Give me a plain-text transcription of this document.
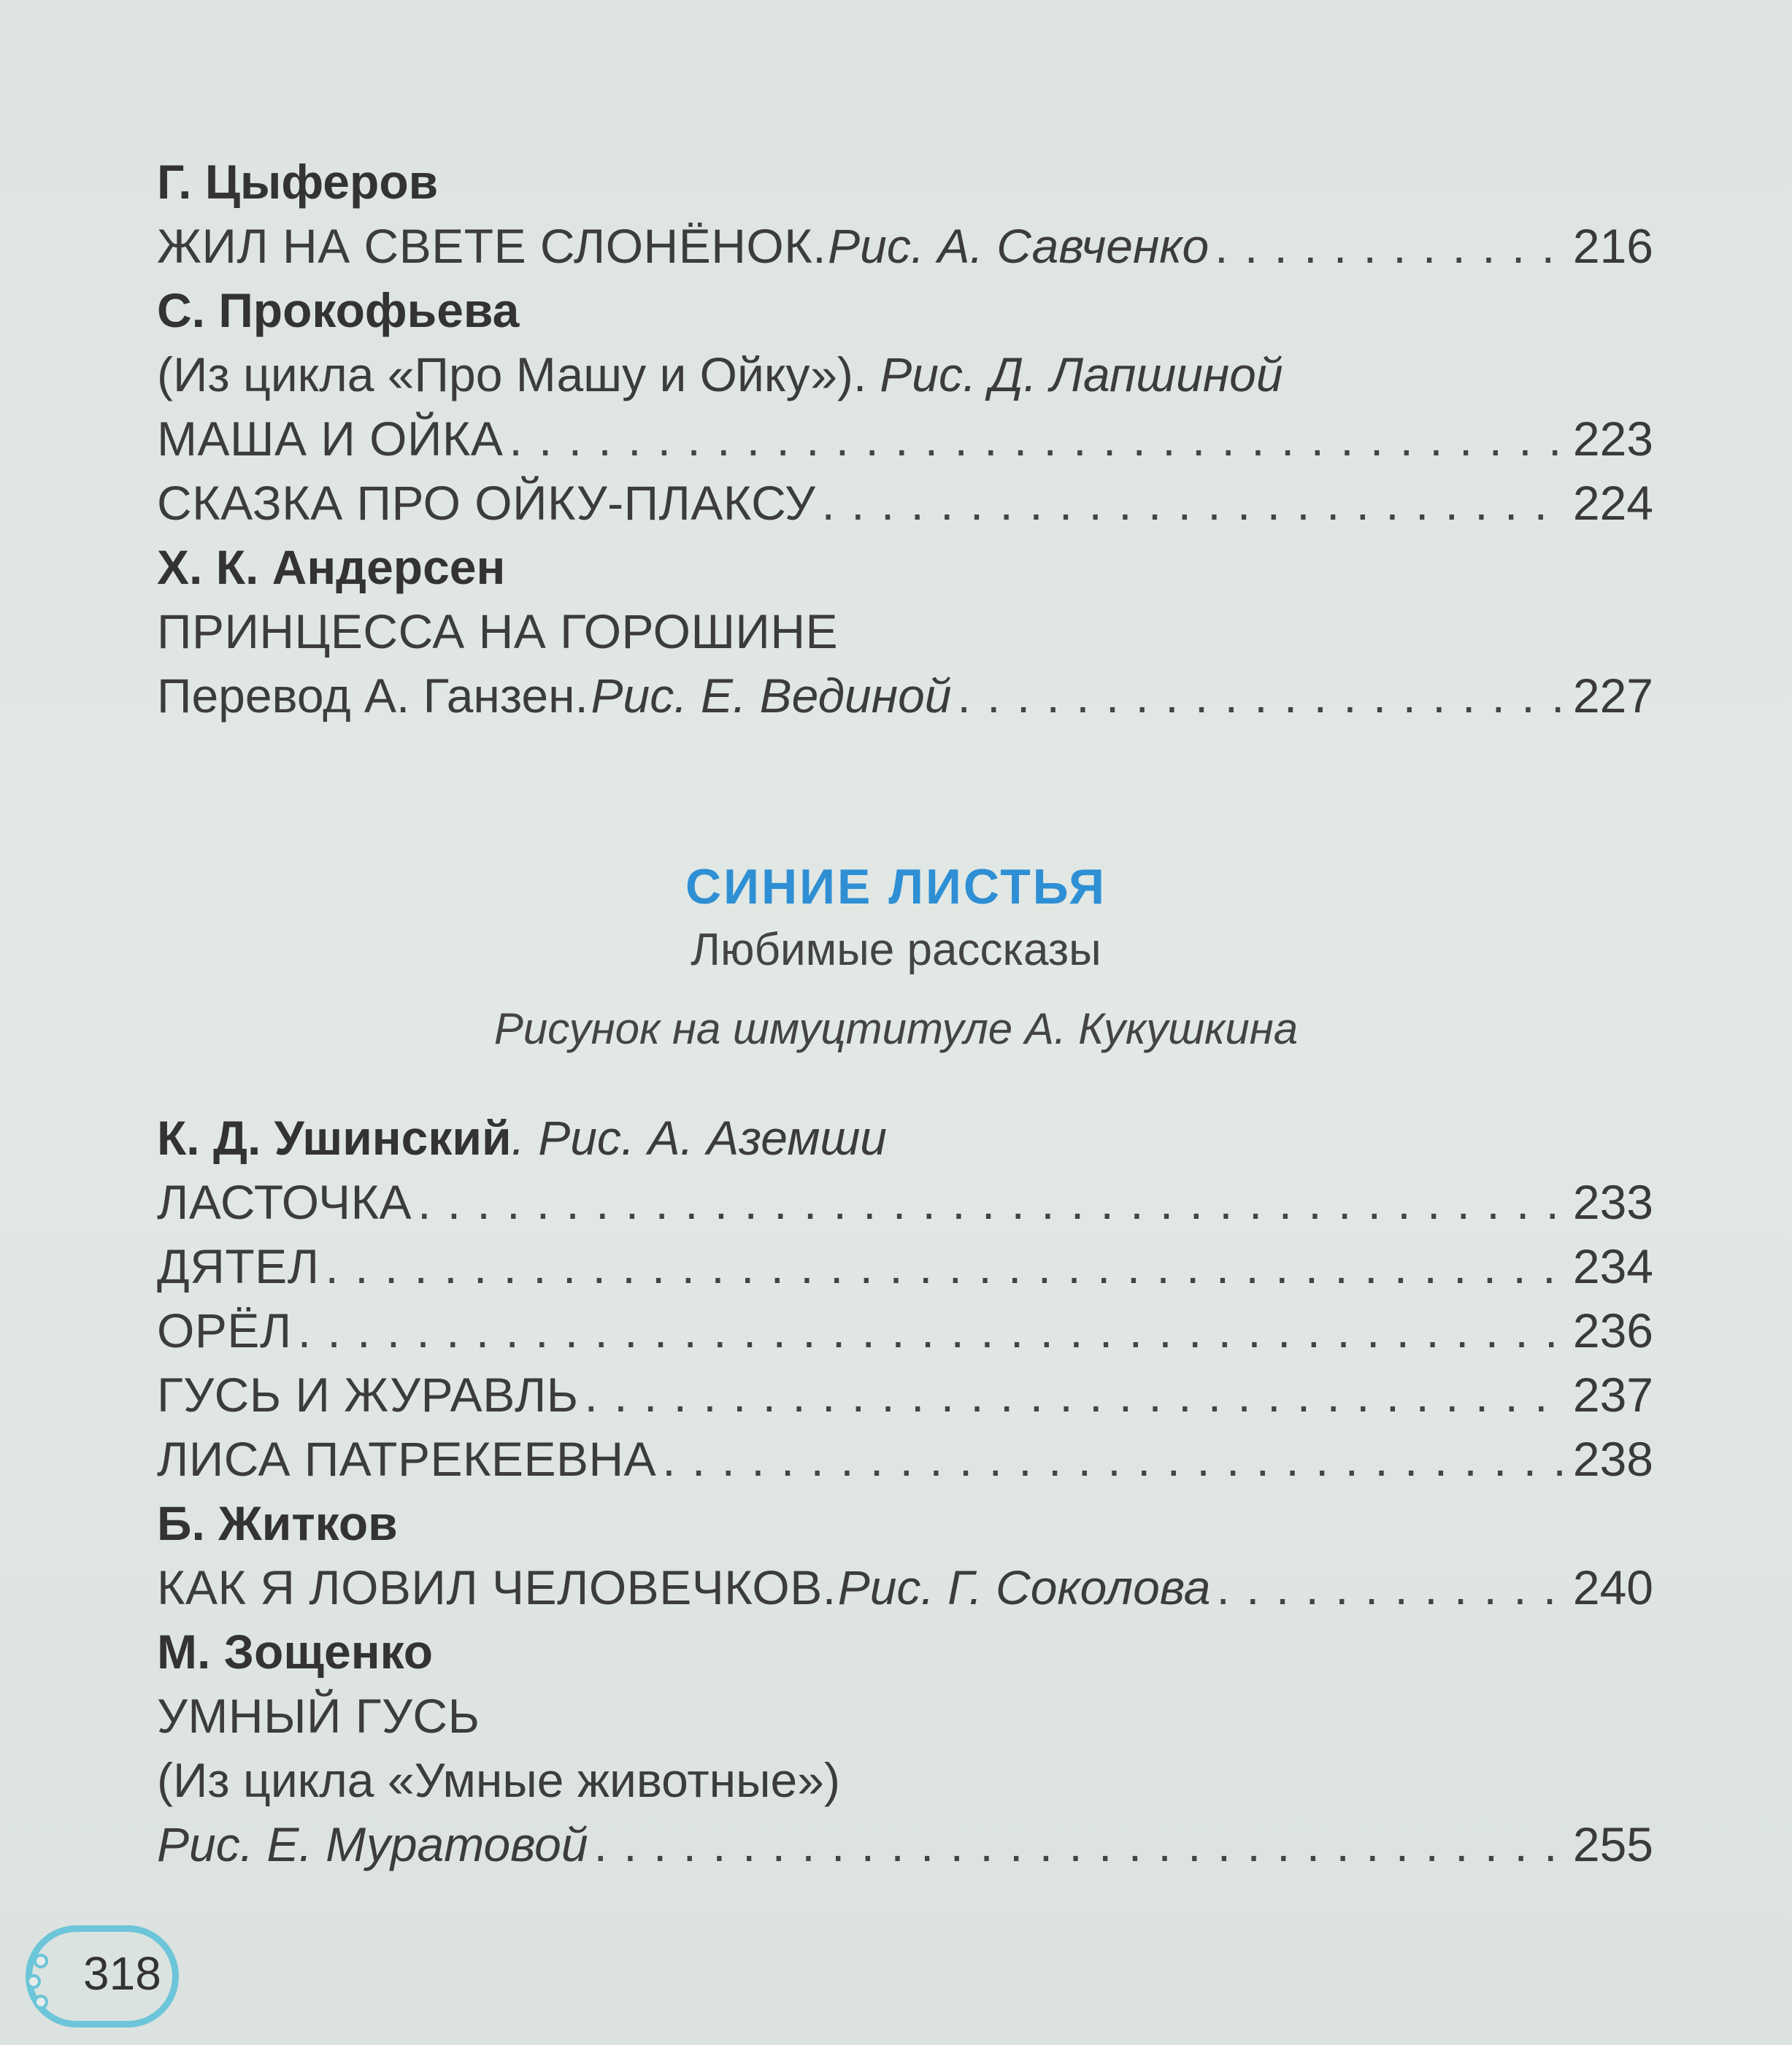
Г. Цыферов
ЖИЛ НА СВЕТЕ СЛОНЁНОК. Рис. А. Савченко . . .	216
С. Прокофьева
(Из цикла «Про Машу и Ойку»). Рис. Д. Лапшиной
МАША И ОЙКА . . .	223
СКАЗКА ПРО ОЙКУ-ПЛАКСУ . . .	224
Х. К. Андерсен
ПРИНЦЕССА НА ГОРОШИНЕ
Перевод А. Ганзен. Рис. Е. Вединой . . .	227
СИНИЕ ЛИСТЬЯ
Любимые рассказы
Рисунок на шмуцтитуле А. Кукушкина
К. Д. Ушинский . Рис. А. Аземши
ЛАСТОЧКА . . .	233
ДЯТЕЛ . . .	234
ОРЁЛ . . .	236
ГУСЬ И ЖУРАВЛЬ . . .	237
ЛИСА ПАТРЕКЕЕВНА . . .	238
Б. Житков
КАК Я ЛОВИЛ ЧЕЛОВЕЧКОВ. Рис. Г. Соколова . . .	240
М. Зощенко
УМНЫЙ ГУСЬ
(Из цикла «Умные животные»)
Рис. Е. Муратовой . . .	255
318
